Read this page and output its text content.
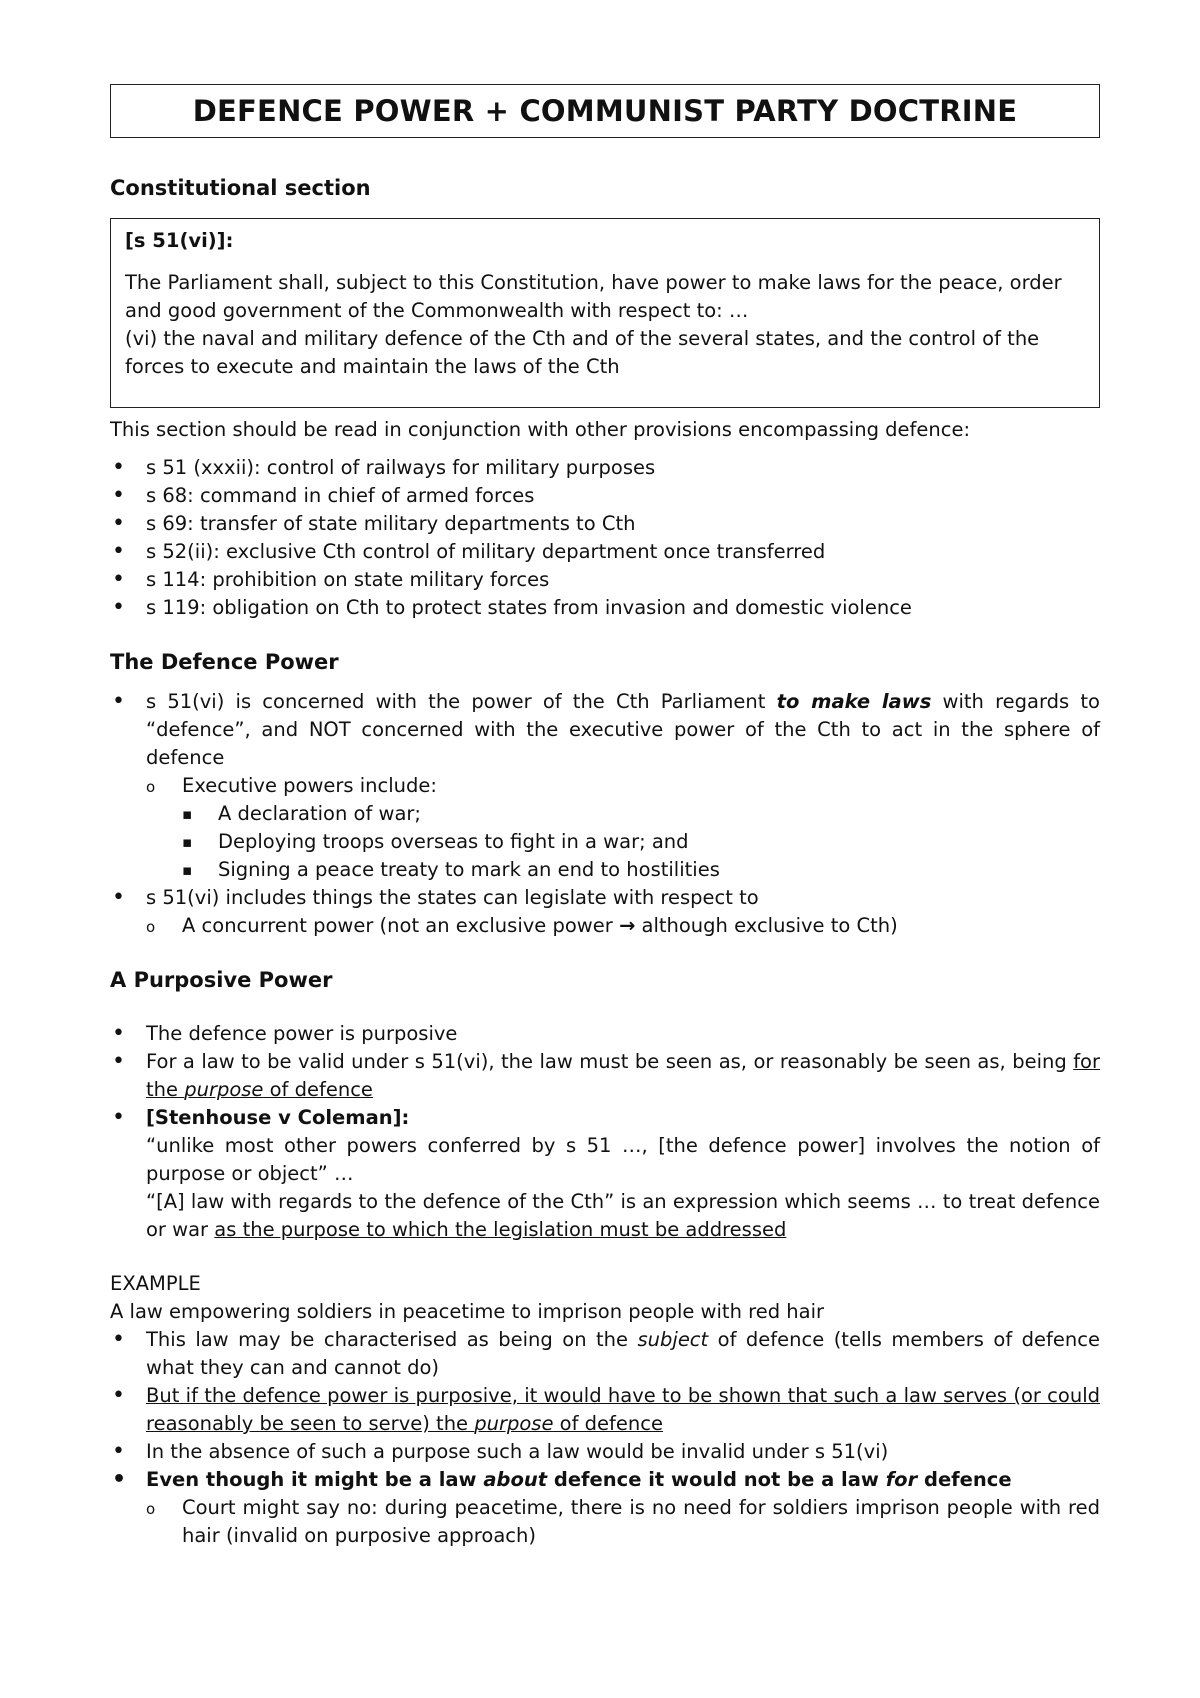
DEFENCE POWER + COMMUNIST PARTY DOCTRINE
Constitutional section
[s 51(vi)]:

The Parliament shall, subject to this Constitution, have power to make laws for the peace, order and good government of the Commonwealth with respect to: …

(vi) the naval and military defence of the Cth and of the several states, and the control of the forces to execute and maintain the laws of the Cth

This section should be read in conjunction with other provisions encompassing defence:

• s 51 (xxxii): control of railways for military purposes
• s 68: command in chief of armed forces
• s 69: transfer of state military departments to Cth
• s 52(ii): exclusive Cth control of military department once transferred
• s 114: prohibition on state military forces
• s 119: obligation on Cth to protect states from invasion and domestic violence
The Defence Power
• s 51(vi) is concerned with the power of the Cth Parliament to make laws with regards to “defence”, and NOT concerned with the executive power of the Cth to act in the sphere of defence
o Executive powers include:
▪ A declaration of war;
▪ Deploying troops overseas to fight in a war; and
▪ Signing a peace treaty to mark an end to hostilities
• s 51(vi) includes things the states can legislate with respect to
o A concurrent power (not an exclusive power → although exclusive to Cth)
A Purposive Power
• The defence power is purposive
• For a law to be valid under s 51(vi), the law must be seen as, or reasonably be seen as, being for the purpose of defence
• [Stenhouse v Coleman]:
“unlike most other powers conferred by s 51 …, [the defence power] involves the notion of purpose or object” …
“[A] law with regards to the defence of the Cth” is an expression which seems … to treat defence or war as the purpose to which the legislation must be addressed

EXAMPLE

A law empowering soldiers in peacetime to imprison people with red hair

• This law may be characterised as being on the subject of defence (tells members of defence what they can and cannot do)
• But if the defence power is purposive, it would have to be shown that such a law serves (or could reasonably be seen to serve) the purpose of defence
• In the absence of such a purpose such a law would be invalid under s 51(vi)
• Even though it might be a law about defence it would not be a law for defence
o Court might say no: during peacetime, there is no need for soldiers imprison people with red hair (invalid on purposive approach)
